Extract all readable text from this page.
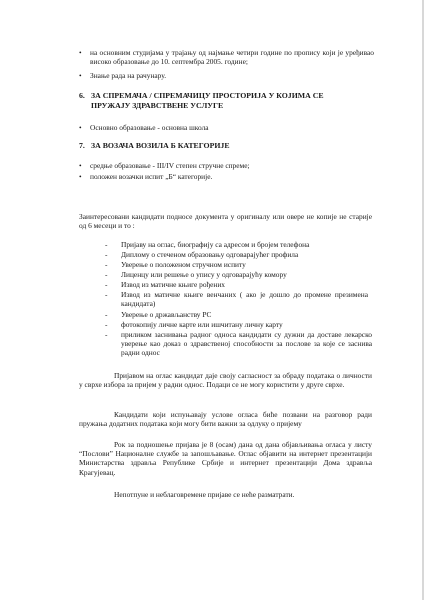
• на основним студијама у трајању од најмање четири године по пропису који је уређивао високо образовање до 10. септембра 2005. године;
• Знање рада на рачунару.
6. ЗА СПРЕМАЧА / СПРЕМАЧИЦУ ПРОСТОРИЈА У КОЈИМА СЕ
ПРУЖАЈУ ЗДРАВСТВЕНЕ УСЛУГЕ
• Основно образовање - основна школа
7. ЗА ВОЗАЧА ВОЗИЛА Б КАТЕГОРИЈЕ
• средње образовање - III/IV степен стручне спреме;
• положен возачки испит „Б“ категорије.
Заинтересовани кандидати подносе документа у оригиналу или овере не копије не старије од 6 месеци и то :
- Пријаву на оглас, биографију са адресом и бројем телефона
- Диплому о стеченом образовању одговарајућег профила
- Уверење о положеном стручном испиту
- Лиценцу или решење о упису у одговарајућу комору
- Извод из матичне књиге рођених
- Извод из матичне књиге венчаних ( ако је дошло до промене презимена кандидата)
- Уверење о држављанству РС
- фотокопију личне карте или ишчитану личну карту
- приликом заснивања радног односа кандидати су дужни да доставе лекарско уверење као доказ о здравственој способности за послове за које се заснива радни однос
Пријавом на оглас кандидат даје своју сагласност за обраду података о личности у сврхе избора за пријем у радни однос. Подаци се не могу користити у друге сврхе.
Кандидати који испуњавају услове огласа биће позвани на разговор ради пружања додатних података који могу бити важни за одлуку о пријему
Рок за подношење пријава је 8 (осам) дана од дана објављивања огласа у листу “Послови” Националне службе за запошљавање. Оглас објавити на интернет презентацији Министарства здравља Републике Србије и интернет презентацији Дома здравља Крагујевац.
Непотпуне и неблаговремене пријаве се неће разматрати.
